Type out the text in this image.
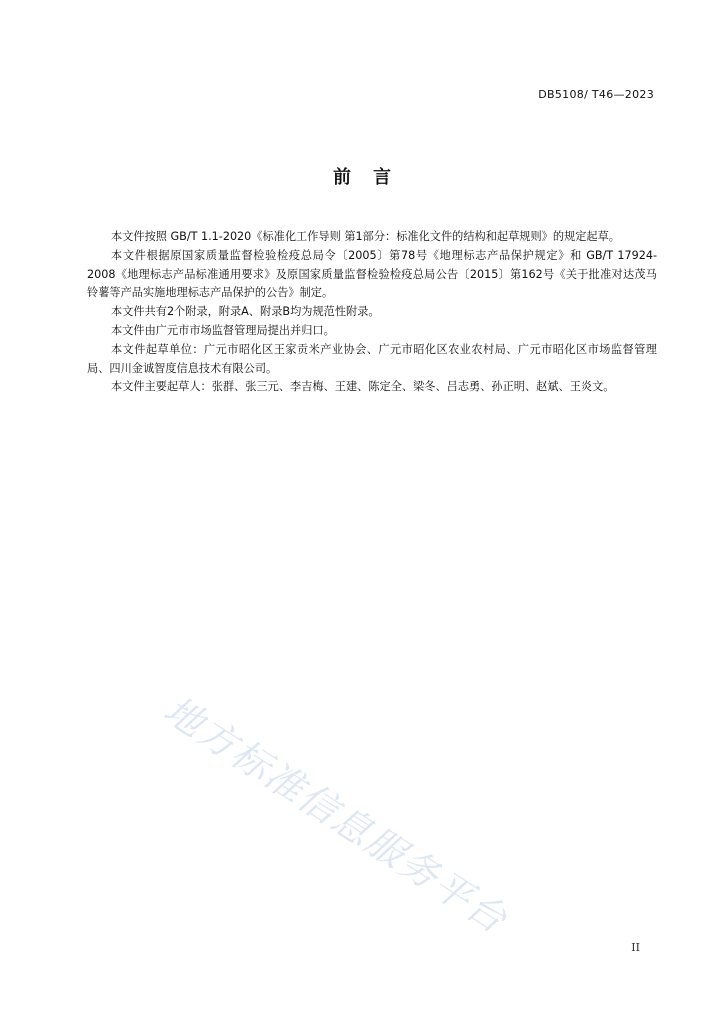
DB5108/ T46—2023
前言

本文件按照 GB/T 1.1-2020《标准化工作导则 第1部分：标准化文件的结构和起草规则》的规定起草。

本文件根据原国家质量监督检验检疫总局令〔2005〕第78号《地理标志产品保护规定》和 GB/T 17924-2008《地理标志产品标准通用要求》及原国家质量监督检验检疫总局公告〔2015〕第162号《关于批准对达茂马铃薯等产品实施地理标志产品保护的公告》制定。

本文件共有2个附录，附录A、附录B均为规范性附录。

本文件由广元市市场监督管理局提出并归口。

本文件起草单位：广元市昭化区王家贡米产业协会、广元市昭化区农业农村局、广元市昭化区市场监督管理局、四川金诚智度信息技术有限公司。

本文件主要起草人：张群、张三元、李吉梅、王建、陈定全、梁冬、吕志勇、孙正明、赵斌、王炎文。

地方标准信息服务平台
II
